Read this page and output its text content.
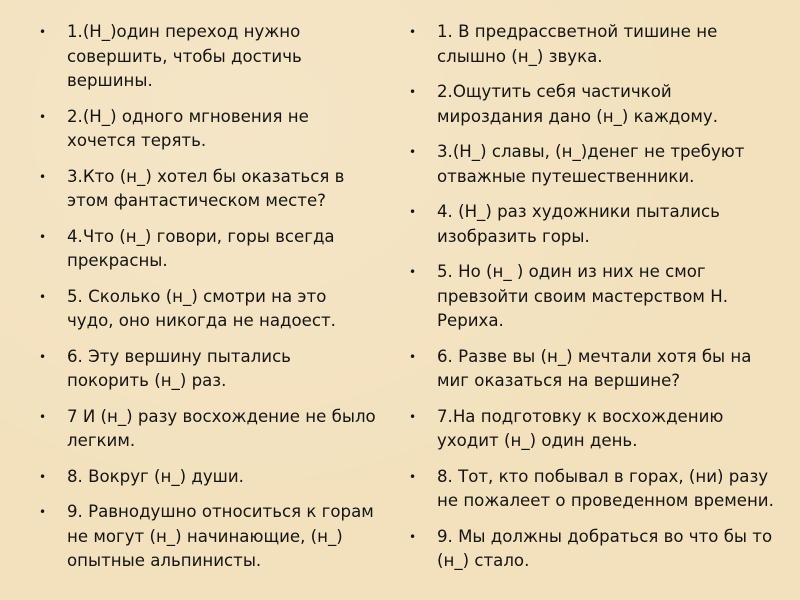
• 1.(Н_)один переход нужно совершить, чтобы достичь вершины.
• 2.(Н_) одного мгновения не хочется терять.
• 3.Кто (н_) хотел бы оказаться в этом фантастическом месте?
• 4.Что (н_) говори, горы всегда прекрасны.
• 5. Сколько (н_) смотри на это чудо, оно никогда не надоест.
• 6. Эту вершину пытались покорить (н_) раз.
• 7 И (н_) разу восхождение не было легким.
• 8. Вокруг (н_) души.
• 9. Равнодушно относиться к горам не могут (н_) начинающие, (н_) опытные альпинисты.
• 1. В предрассветной тишине не слышно (н_) звука.
• 2.Ощутить себя частичкой мироздания дано (н_) каждому.
• 3.(Н_) славы, (н_)денег не требуют отважные путешественники.
• 4. (Н_) раз художники пытались изобразить горы.
• 5. Но (н_ ) один из них не смог превзойти своим мастерством Н. Рериха.
• 6. Разве вы (н_) мечтали хотя бы на миг оказаться на вершине?
• 7.На подготовку к восхождению уходит (н_) один день.
• 8. Тот, кто побывал в горах, (ни) разу не пожалеет о проведенном времени.
• 9. Мы должны добраться во что бы то (н_) стало.
